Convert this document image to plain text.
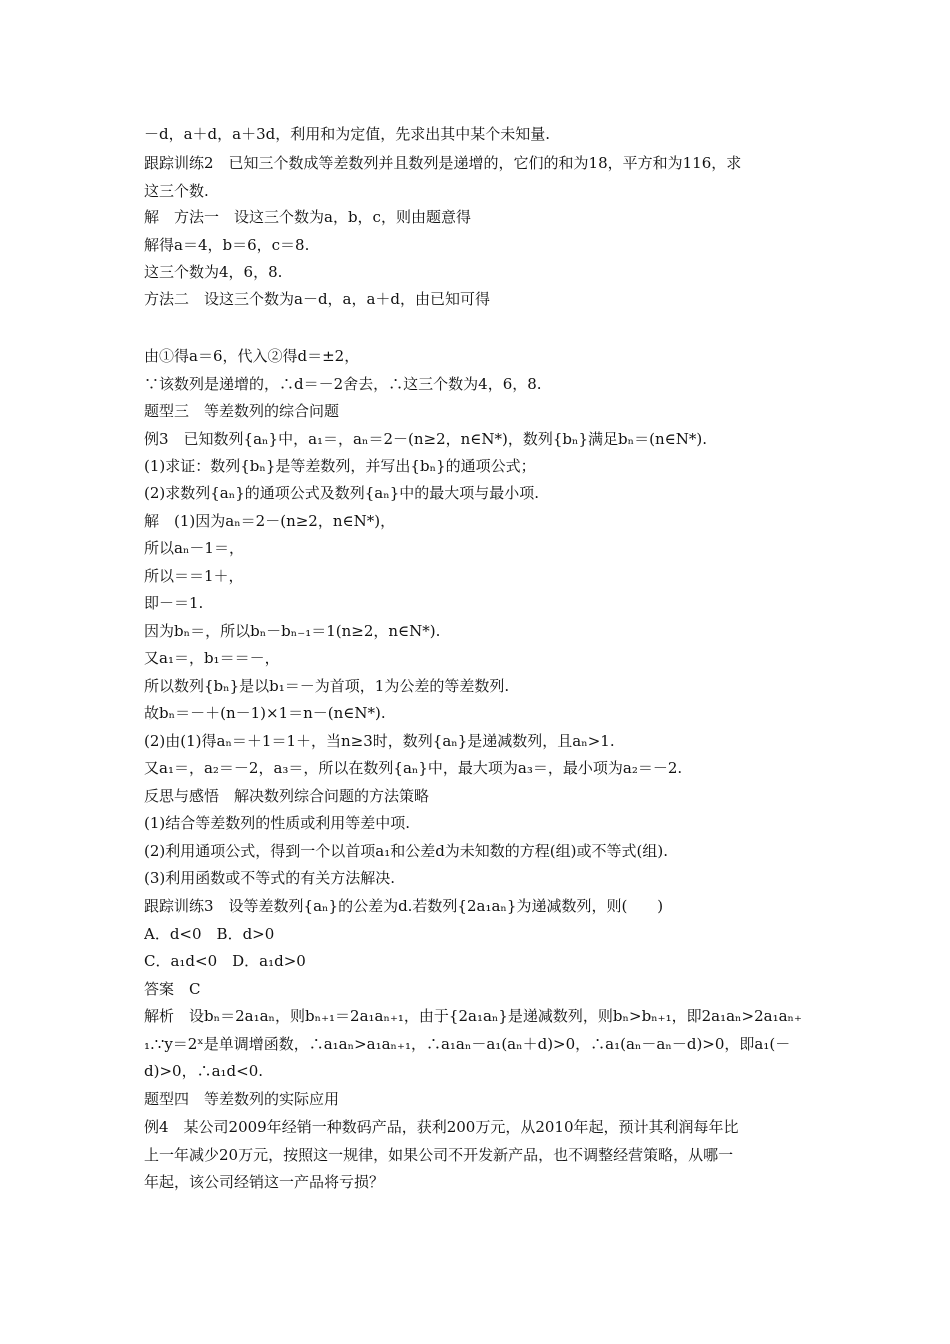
－d，a＋d，a＋3d，利用和为定值，先求出其中某个未知量.
跟踪训练2　已知三个数成等差数列并且数列是递增的，它们的和为18，平方和为116，求
这三个数.
解　方法一　设这三个数为a，b，c，则由题意得
解得a＝4，b＝6，c＝8.
这三个数为4，6，8.
方法二　设这三个数为a－d，a，a＋d，由已知可得
由①得a＝6，代入②得d＝±2，
∵该数列是递增的，∴d＝－2舍去，∴这三个数为4，6，8.
题型三　等差数列的综合问题
例3　已知数列{aₙ}中，a₁＝，aₙ＝2－(n≥2，n∈N*)，数列{bₙ}满足bₙ＝(n∈N*).
(1)求证：数列{bₙ}是等差数列，并写出{bₙ}的通项公式；
(2)求数列{aₙ}的通项公式及数列{aₙ}中的最大项与最小项.
解　(1)因为aₙ＝2－(n≥2，n∈N*)，
所以aₙ－1＝，
所以＝＝1＋，
即－＝1.
因为bₙ＝，所以bₙ－bₙ₋₁＝1(n≥2，n∈N*).
又a₁＝，b₁＝＝－，
所以数列{bₙ}是以b₁＝－为首项，1为公差的等差数列.
故bₙ＝－＋(n－1)×1＝n－(n∈N*).
(2)由(1)得aₙ＝＋1＝1＋，当n≥3时，数列{aₙ}是递减数列，且aₙ>1.
又a₁＝，a₂＝－2，a₃＝，所以在数列{aₙ}中，最大项为a₃＝，最小项为a₂＝－2.
反思与感悟　解决数列综合问题的方法策略
(1)结合等差数列的性质或利用等差中项.
(2)利用通项公式，得到一个以首项a₁和公差d为未知数的方程(组)或不等式(组).
(3)利用函数或不等式的有关方法解决.
跟踪训练3　设等差数列{aₙ}的公差为d.若数列{2a₁aₙ}为递减数列，则(　　)
A．d<0　B．d>0
C．a₁d<0　D．a₁d>0
答案　C
解析　设bₙ＝2a₁aₙ，则bₙ₊₁＝2a₁aₙ₊₁，由于{2a₁aₙ}是递减数列，则bₙ>bₙ₊₁，即2a₁aₙ>2a₁aₙ₊
₁.∵y＝2ˣ是单调增函数，∴a₁aₙ>a₁aₙ₊₁，∴a₁aₙ－a₁(aₙ＋d)>0，∴a₁(aₙ－aₙ－d)>0，即a₁(－
d)>0，∴a₁d<0.
题型四　等差数列的实际应用
例4　某公司2009年经销一种数码产品，获利200万元，从2010年起，预计其利润每年比
上一年减少20万元，按照这一规律，如果公司不开发新产品，也不调整经营策略，从哪一
年起，该公司经销这一产品将亏损？
